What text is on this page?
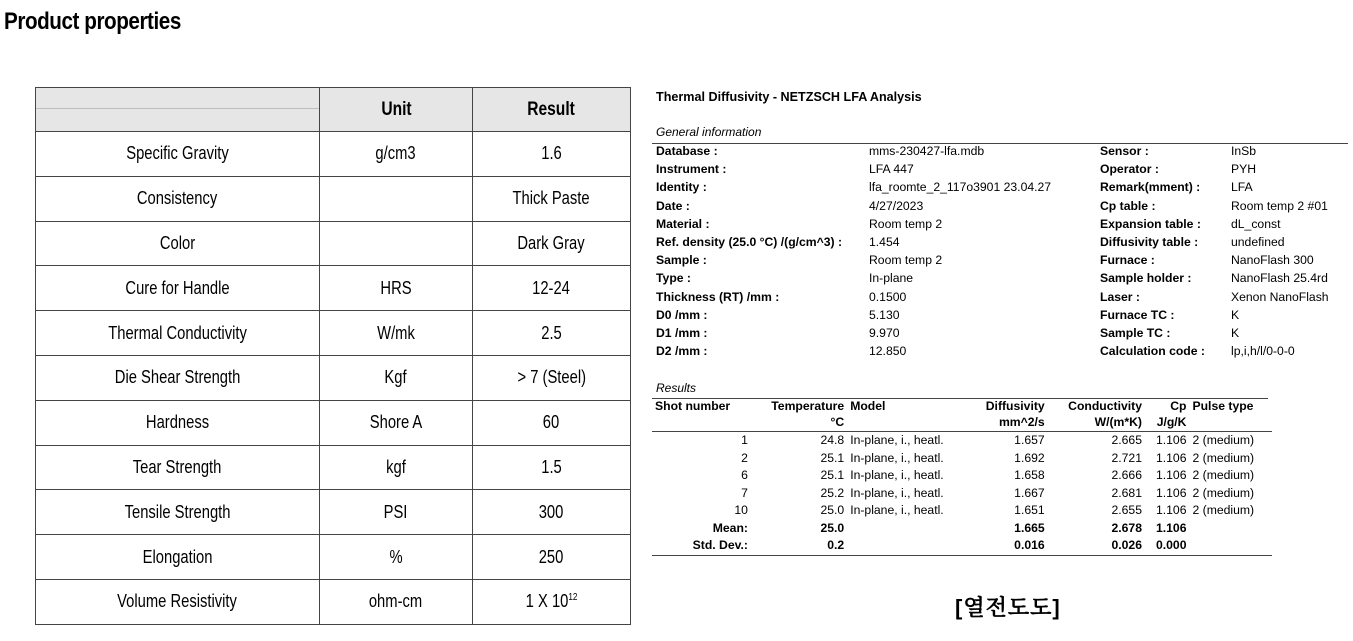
Product properties
	Unit	Result
Specific Gravity	g/cm3	1.6
Consistency		Thick Paste
Color		Dark Gray
Cure for Handle	HRS	12-24
Thermal Conductivity	W/mk	2.5
Die Shear Strength	Kgf	> 7 (Steel)
Hardness	Shore A	60
Tear Strength	kgf	1.5
Tensile Strength	PSI	300
Elongation	%	250
Volume Resistivity	ohm-cm	1 X $10^{12}$
Thermal Diffusivity - NETZSCH LFA Analysis
General information
Database :	mms-230427-lfa.mdb	Sensor :	InSb
Instrument :	LFA 447	Operator :	PYH
Identity :	lfa_roomte_2_117o3901 23.04.27	Remark(mment) :	LFA
Date :	4/27/2023	Cp table :	Room temp 2 #01
Material :	Room temp 2	Expansion table : dL_const
Ref. density (25.0 °C) /(g/cm^3) : 1.454	Diffusivity table :	undefined
Sample :	Room temp 2	Furnace :	NanoFlash 300
Type :	In-plane	Sample holder :	NanoFlash 25.4rd
Thickness (RT) /mm :	0.1500	Laser :	Xenon NanoFlash
D0 /mm :	5.130	Furnace TC :	K
D1 /mm :	9.970	Sample TC :	K
D2 /mm :	12.850	Calculation code : lp,i,h/l/0-0-0
Results
Shot number	Temperature	Model	Diffusivity	Conductivity	Cp	Pulse type
	°C		mm^2/s	W/(m*K)	J/g/K	
1	24.8	In-plane, i., heatl.	1.657	2.665	1.106	2 (medium)
2	25.1	In-plane, i., heatl.	1.692	2.721	1.106	2 (medium)
6	25.1	In-plane, i., heatl.	1.658	2.666	1.106	2 (medium)
7	25.2	In-plane, i., heatl.	1.667	2.681	1.106	2 (medium)
10	25.0	In-plane, i., heatl.	1.651	2.655	1.106	2 (medium)
Mean:	25.0		1.665	2.678	1.106	
Std. Dev.:	0.2		0.016	0.026	0.000	
[열전도도]
